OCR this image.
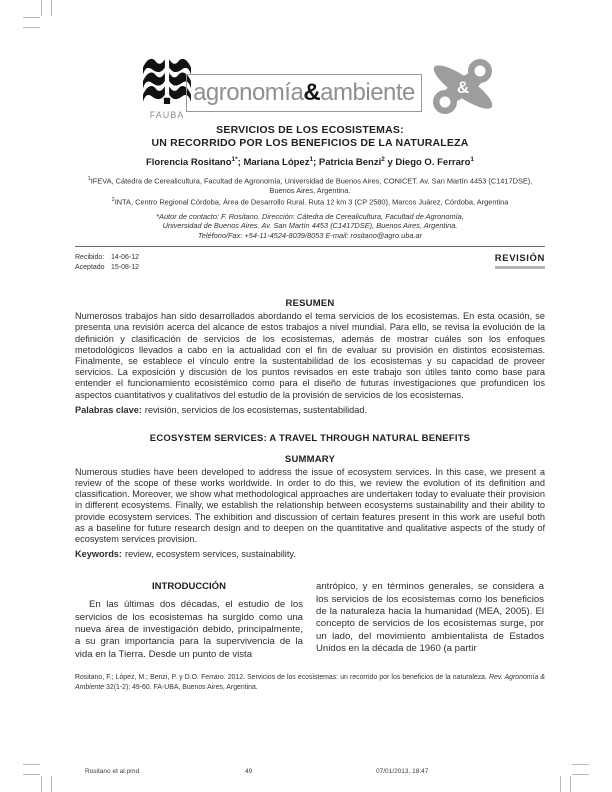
FAUBA
agronomía&ambiente &
SERVICIOS DE LOS ECOSISTEMAS:
UN RECORRIDO POR LOS BENEFICIOS DE LA NATURALEZA
Florencia Rositano$^{1*}$; Mariana López$^1$; Patricia Benzi$^2$ y Diego O. Ferraro$^1$
$^1$IFEVA, Cátedra de Cerealicultura, Facultad de Agronomía, Universidad de Buenos Aires, CONICET. Av. San Martín 4453 (C1417DSE), Buenos Aires, Argentina.
$^2$INTA, Centro Regional Córdoba, Área de Desarrollo Rural. Ruta 12 km 3 (CP 2580), Marcos Juárez, Córdoba, Argentina
*Autor de contacto: F. Rositano. Dirección: Cátedra de Cerealicultura, Facultad de Agronomía,
Universidad de Buenos Aires. Av. San Martín 4453 (C1417DSE), Buenos Aires, Argentina.
Teléfono/Fax: +54-11-4524-8039/8053 E-mail: rositano@agro.uba.ar
Recibido: 14-06-12
Aceptado 15-08-12
REVISIÓN
RESUMEN
Numerosos trabajos han sido desarrollados abordando el tema servicios de los ecosistemas. En esta ocasión, se presenta una revisión acerca del alcance de estos trabajos a nivel mundial. Para ello, se revisa la evolución de la definición y clasificación de servicios de los ecosistemas, además de mostrar cuáles son los enfoques metodológicos llevados a cabo en la actualidad con el fin de evaluar su provisión en distintos ecosistemas. Finalmente, se establece el vínculo entre la sustentabilidad de los ecosistemas y su capacidad de proveer servicios. La exposición y discusión de los puntos revisados en este trabajo son útiles tanto como base para entender el funcionamiento ecosistémico como para el diseño de futuras investigaciones que profundicen los aspectos cuantitativos y cualitativos del estudio de la provisión de servicios de los ecosistemas.
Palabras clave: revisión, servicios de los ecosistemas, sustentabilidad.
ECOSYSTEM SERVICES: A TRAVEL THROUGH NATURAL BENEFITS
SUMMARY
Numerous studies have been developed to address the issue of ecosystem services. In this case, we present a review of the scope of these works worldwide. In order to do this, we review the evolution of its definition and classification. Moreover, we show what methodological approaches are undertaken today to evaluate their provision in different ecosystems. Finally, we establish the relationship between ecosystems sustainability and their ability to provide ecosystem services. The exhibition and discussion of certain features present in this work are useful both as a baseline for future research design and to deepen on the quantitative and qualitative aspects of the study of ecosystem services provision.
Keywords: review, ecosystem services, sustainability.
INTRODUCCIÓN
En las últimas dos décadas, el estudio de los servicios de los ecosistemas ha surgido como una nueva área de investigación debido, principalmente, a su gran importancia para la supervivencia de la vida en la Tierra. Desde un punto de vista
antrópico, y en términos generales, se considera a los servicios de los ecosistemas como los beneficios de la naturaleza hacia la humanidad (MEA, 2005). El concepto de servicios de los ecosistemas surge, por un lado, del movimiento ambientalista de Estados Unidos en la década de 1960 (a partir
Rositano, F.; López, M.; Benzi, P. y D.O. Ferraro. 2012. Servicios de los ecosistemas: un recorrido por los beneficios de la naturaleza. Rev. Agronomía & Ambiente 32(1-2): 49-60. FA-UBA, Buenos Aires, Argentina.
Rositano et al.pmd	49	07/01/2013, 18:47
